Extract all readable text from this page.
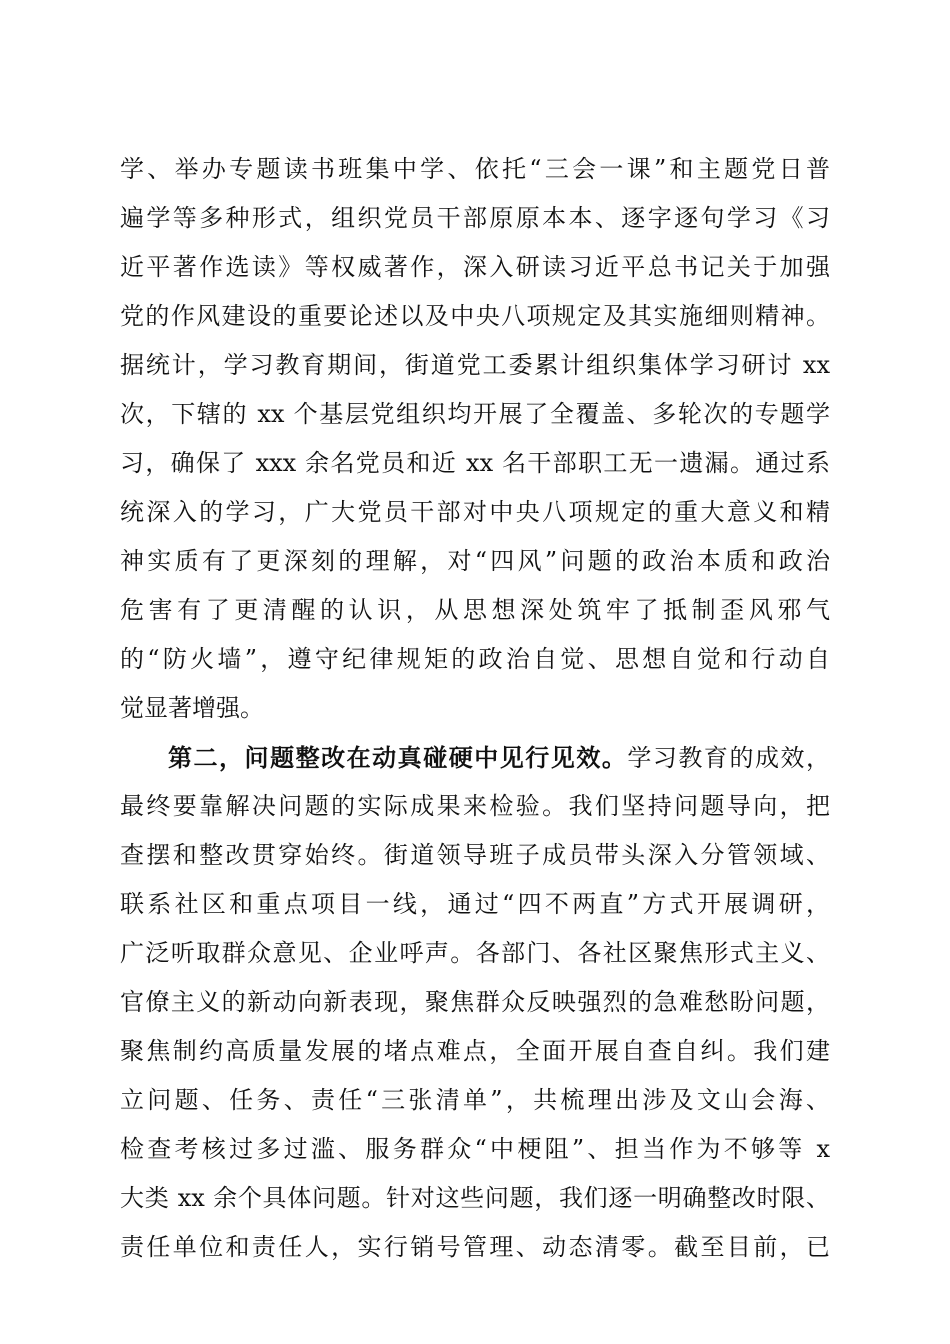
学、举办专题读书班集中学、依托“三会一课”和主题党日普
遍学等多种形式，组织党员干部原原本本、逐字逐句学习《习
近平著作选读》等权威著作，深入研读习近平总书记关于加强
党的作风建设的重要论述以及中央八项规定及其实施细则精神。
据统计，学习教育期间，街道党工委累计组织集体学习研讨 xx
次，下辖的 xx 个基层党组织均开展了全覆盖、多轮次的专题学
习，确保了 xxx 余名党员和近 xx 名干部职工无一遗漏。通过系
统深入的学习，广大党员干部对中央八项规定的重大意义和精
神实质有了更深刻的理解，对“四风”问题的政治本质和政治
危害有了更清醒的认识，从思想深处筑牢了抵制歪风邪气
的“防火墙”，遵守纪律规矩的政治自觉、思想自觉和行动自
觉显著增强。
第二，问题整改在动真碰硬中见行见效。学习教育的成效，
最终要靠解决问题的实际成果来检验。我们坚持问题导向，把
查摆和整改贯穿始终。街道领导班子成员带头深入分管领域、
联系社区和重点项目一线，通过“四不两直”方式开展调研，
广泛听取群众意见、企业呼声。各部门、各社区聚焦形式主义、
官僚主义的新动向新表现，聚焦群众反映强烈的急难愁盼问题，
聚焦制约高质量发展的堵点难点，全面开展自查自纠。我们建
立问题、任务、责任“三张清单”，共梳理出涉及文山会海、
检查考核过多过滥、服务群众“中梗阻”、担当作为不够等 x
大类 xx 余个具体问题。针对这些问题，我们逐一明确整改时限、
责任单位和责任人，实行销号管理、动态清零。截至目前，已
